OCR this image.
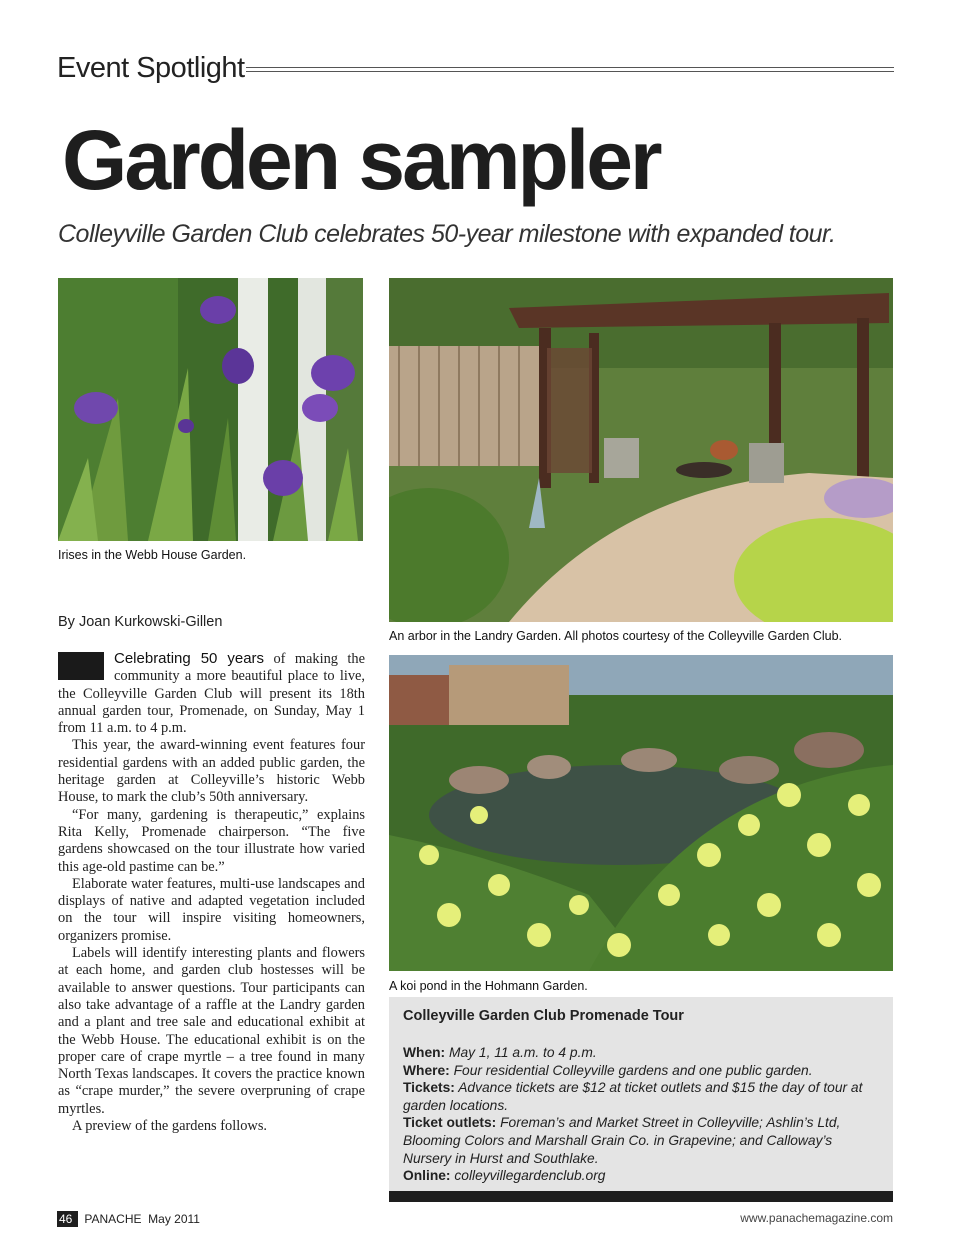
Event Spotlight
Garden sampler
Colleyville Garden Club celebrates 50-year milestone with expanded tour.
Irises in the Webb House Garden.
An arbor in the Landry Garden. All photos courtesy of the Colleyville Garden Club.
A koi pond in the Hohmann Garden.
By Joan Kurkowski-Gillen

Celebrating 50 years of making the community a more beautiful place to live, the Colleyville Garden Club will present its 18th annual garden tour, Promenade, on Sunday, May 1 from 11 a.m. to 4 p.m.

This year, the award-winning event features four residential gardens with an added public garden, the heritage garden at Colleyville’s historic Webb House, to mark the club’s 50th anniversary.

“For many, gardening is therapeutic,” explains Rita Kelly, Promenade chairperson. “The five gardens showcased on the tour illustrate how varied this age-old pastime can be.”

Elaborate water features, multi-use landscapes and displays of native and adapted vegetation included on the tour will inspire visiting homeowners, organizers promise.

Labels will identify interesting plants and flowers at each home, and garden club hostesses will be available to answer questions. Tour participants can also take advantage of a raffle at the Landry garden and a plant and tree sale and educational exhibit at the Webb House. The educational exhibit is on the proper care of crape myrtle – a tree found in many North Texas landscapes. It covers the practice known as “crape murder,” the severe overpruning of crape myrtles.

A preview of the gardens follows.

Colleyville Garden Club Promenade Tour
When: May 1, 11 a.m. to 4 p.m.
Where: Four residential Colleyville gardens and one public garden.
Tickets: Advance tickets are $12 at ticket outlets and $15 the day of tour at garden locations.
Ticket outlets: Foreman’s and Market Street in Colleyville; Ashlin’s Ltd, Blooming Colors and Marshall Grain Co. in Grapevine; and Calloway’s Nursery in Hurst and Southlake.
Online: colleyvillegardenclub.org
46 PANACHE May 2011	www.panachemagazine.com
